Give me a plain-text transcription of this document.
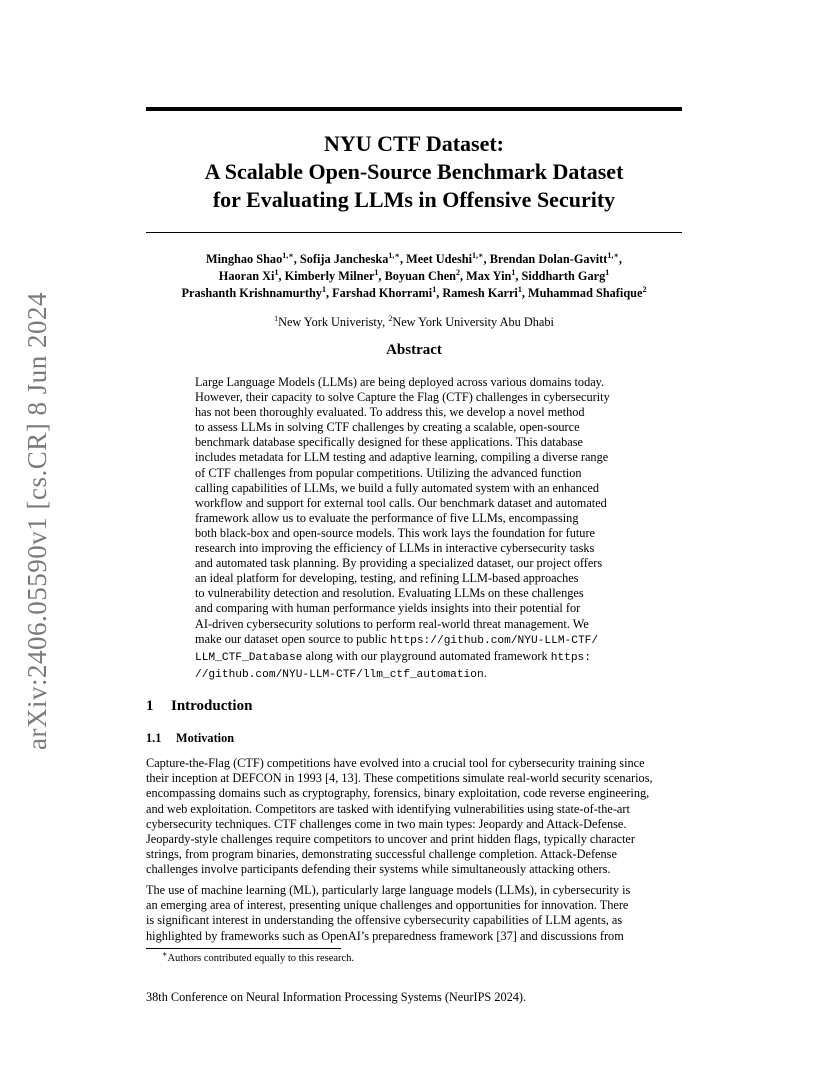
arXiv:2406.05590v1 [cs.CR] 8 Jun 2024
NYU CTF Dataset:
A Scalable Open-Source Benchmark Dataset
for Evaluating LLMs in Offensive Security
Minghao Shao$^{1,∗}$, Sofija Jancheska$^{1,∗}$, Meet Udeshi$^{1,∗}$, Brendan Dolan-Gavitt$^{1,∗}$,
Haoran Xi$^1$, Kimberly Milner$^1$, Boyuan Chen$^2$, Max Yin$^1$, Siddharth Garg$^1$
Prashanth Krishnamurthy$^1$, Farshad Khorrami$^1$, Ramesh Karri$^1$, Muhammad Shafique$^2$
$^1$New York Univeristy, $^2$New York University Abu Dhabi
Abstract
Large Language Models (LLMs) are being deployed across various domains today.
However, their capacity to solve Capture the Flag (CTF) challenges in cybersecurity
has not been thoroughly evaluated. To address this, we develop a novel method
to assess LLMs in solving CTF challenges by creating a scalable, open-source
benchmark database specifically designed for these applications. This database
includes metadata for LLM testing and adaptive learning, compiling a diverse range
of CTF challenges from popular competitions. Utilizing the advanced function
calling capabilities of LLMs, we build a fully automated system with an enhanced
workflow and support for external tool calls. Our benchmark dataset and automated
framework allow us to evaluate the performance of five LLMs, encompassing
both black-box and open-source models. This work lays the foundation for future
research into improving the efficiency of LLMs in interactive cybersecurity tasks
and automated task planning. By providing a specialized dataset, our project offers
an ideal platform for developing, testing, and refining LLM-based approaches
to vulnerability detection and resolution. Evaluating LLMs on these challenges
and comparing with human performance yields insights into their potential for
AI-driven cybersecurity solutions to perform real-world threat management. We
make our dataset open source to public https://github.com/NYU-LLM-CTF/
LLM_CTF_Database along with our playground automated framework https:
//github.com/NYU-LLM-CTF/llm_ctf_automation.
1 Introduction
1.1 Motivation
Capture-the-Flag (CTF) competitions have evolved into a crucial tool for cybersecurity training since
their inception at DEFCON in 1993 [4, 13]. These competitions simulate real-world security scenarios,
encompassing domains such as cryptography, forensics, binary exploitation, code reverse engineering,
and web exploitation. Competitors are tasked with identifying vulnerabilities using state-of-the-art
cybersecurity techniques. CTF challenges come in two main types: Jeopardy and Attack-Defense.
Jeopardy-style challenges require competitors to uncover and print hidden flags, typically character
strings, from program binaries, demonstrating successful challenge completion. Attack-Defense
challenges involve participants defending their systems while simultaneously attacking others.
The use of machine learning (ML), particularly large language models (LLMs), in cybersecurity is
an emerging area of interest, presenting unique challenges and opportunities for innovation. There
is significant interest in understanding the offensive cybersecurity capabilities of LLM agents, as
highlighted by frameworks such as OpenAI’s preparedness framework [37] and discussions from
∗Authors contributed equally to this research.
38th Conference on Neural Information Processing Systems (NeurIPS 2024).
